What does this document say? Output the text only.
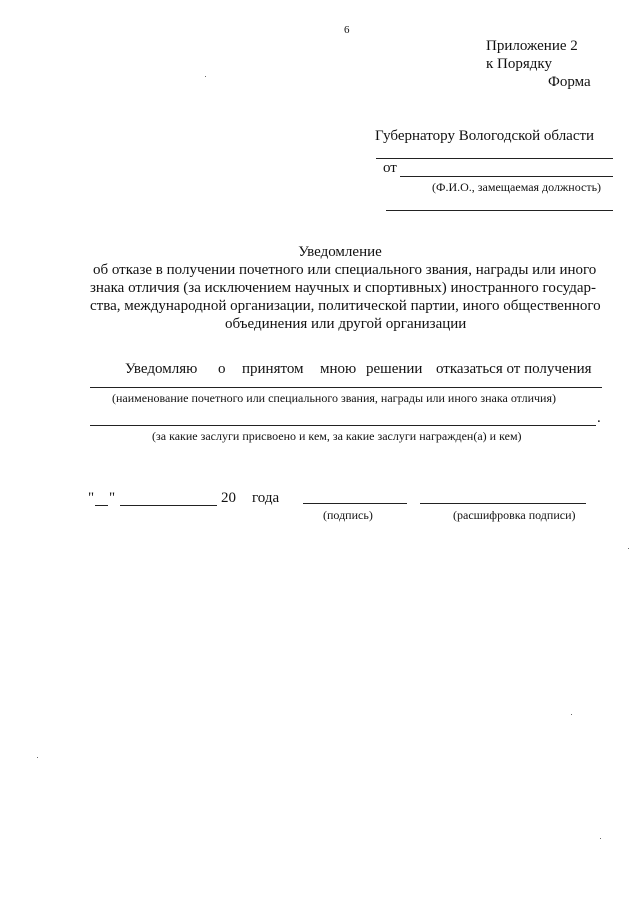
6
Приложение 2
к Порядку
Форма
Губернатору Вологодской области
от
(Ф.И.О., замещаемая должность)
Уведомление
об отказе в получении почетного или специального звания, награды или иного
знака отличия (за исключением научных и спортивных) иностранного государ-
ства, международной организации, политической партии, иного общественного
объединения или другой организации
Уведомляю о принятом мною решении отказаться от получения
(наименование почетного или специального звания, награды или иного знака отличия)
.
(за какие заслуги присвоено и кем, за какие заслуги награжден(а) и кем)
" "	20 года
(подпись)	(расшифровка подписи)
